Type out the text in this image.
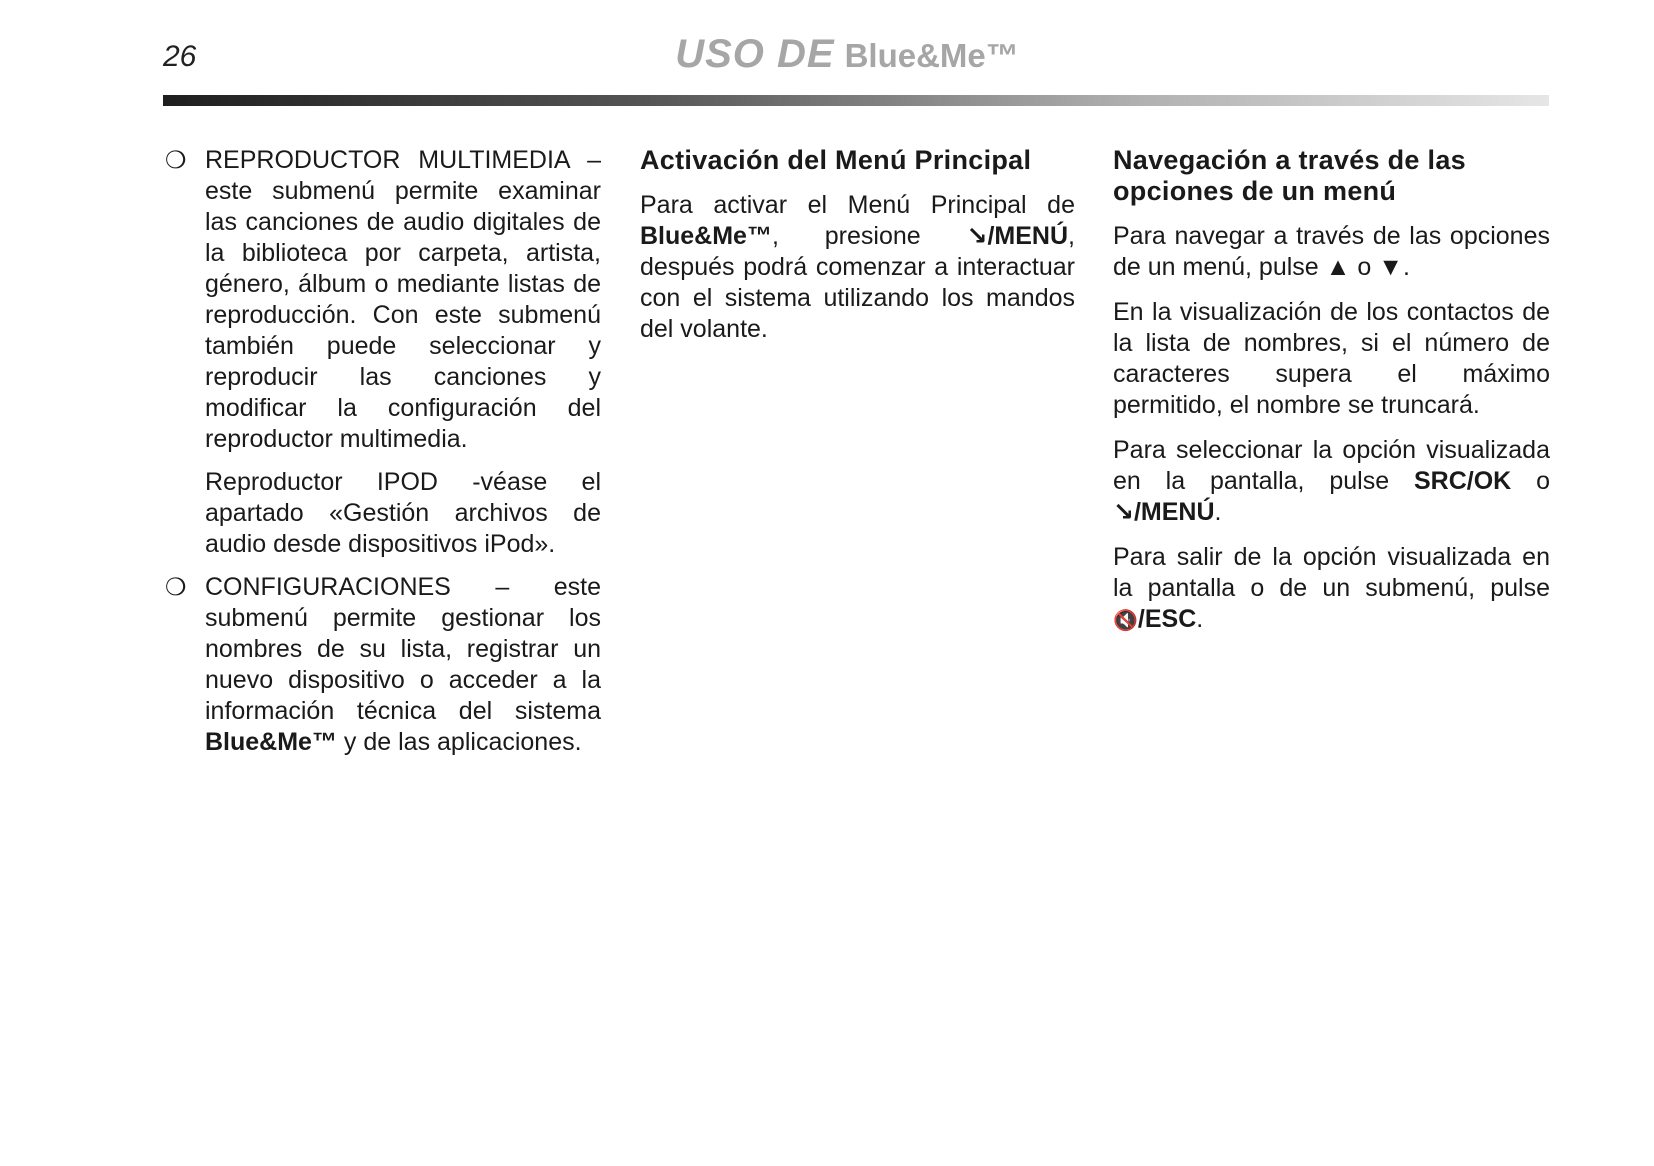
26	USO DE Blue&Me™
❍ REPRODUCTOR MULTIMEDIA – este submenú permite examinar las canciones de audio digitales de la biblioteca por carpeta, artista, género, álbum o mediante listas de reproducción. Con este submenú también puede seleccionar y reproducir las canciones y modificar la configuración del reproductor multimedia.
Reproductor IPOD -véase el apartado «Gestión archivos de audio desde dispositivos iPod».
❍ CONFIGURACIONES – este submenú permite gestionar los nombres de su lista, registrar un nuevo dispositivo o acceder a la información técnica del sistema Blue&Me™ y de las aplicaciones.
Activación del Menú Principal

Para activar el Menú Principal de Blue&Me™, presione ↘/MENÚ, después podrá comenzar a interactuar con el sistema utilizando los mandos del volante.

Navegación a través de las opciones de un menú

Para navegar a través de las opciones de un menú, pulse ▲ o ▼.

En la visualización de los contactos de la lista de nombres, si el número de caracteres supera el máximo permitido, el nombre se truncará.

Para seleccionar la opción visualizada en la pantalla, pulse SRC/OK o ↘/MENÚ.

Para salir de la opción visualizada en la pantalla o de un submenú, pulse 🔇/ESC.
